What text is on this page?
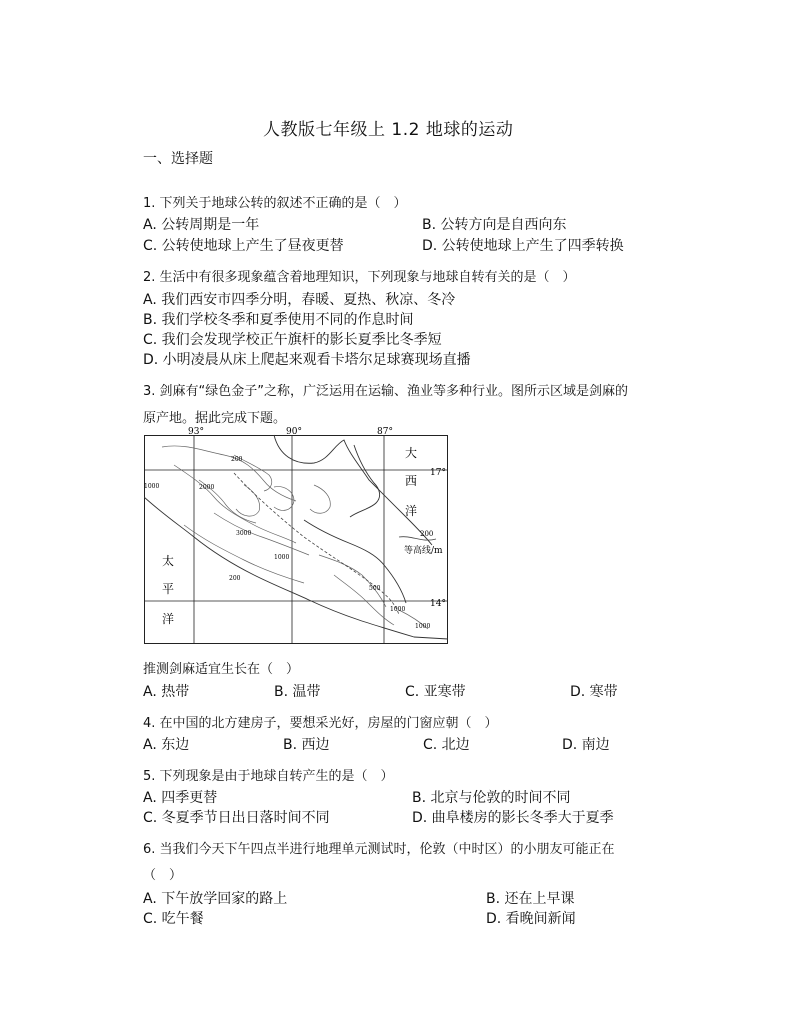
人教版七年级上 1.2 地球的运动
一、选择题
1. 下列关于地球公转的叙述不正确的是（　）
A. 公转周期是一年	B. 公转方向是自西向东
C. 公转使地球上产生了昼夜更替	D. 公转使地球上产生了四季转换
2. 生活中有很多现象蕴含着地理知识，下列现象与地球自转有关的是（　）
A. 我们西安市四季分明，春暖、夏热、秋凉、冬冷
B. 我们学校冬季和夏季使用不同的作息时间
C. 我们会发现学校正午旗杆的影长夏季比冬季短
D. 小明凌晨从床上爬起来观看卡塔尔足球赛现场直播
3. 剑麻有“绿色金子”之称，广泛运用在运输、渔业等多种行业。图所示区域是剑麻的
原产地。据此完成下题。
93°	90°	87°
17°
14°
大
西
洋
太
平
洋
200
等高线/m
200
1000	2000
3000
1000
200
500
1000
1000
推测剑麻适宜生长在（　）
A. 热带	B. 温带	C. 亚寒带	D. 寒带
4. 在中国的北方建房子，要想采光好，房屋的门窗应朝（　）
A. 东边	B. 西边	C. 北边	D. 南边
5. 下列现象是由于地球自转产生的是（　）
A. 四季更替	B. 北京与伦敦的时间不同
C. 冬夏季节日出日落时间不同	D. 曲阜楼房的影长冬季大于夏季
6. 当我们今天下午四点半进行地理单元测试时，伦敦（中时区）的小朋友可能正在
（　）
A. 下午放学回家的路上	B. 还在上早课
C. 吃午餐	D. 看晚间新闻
